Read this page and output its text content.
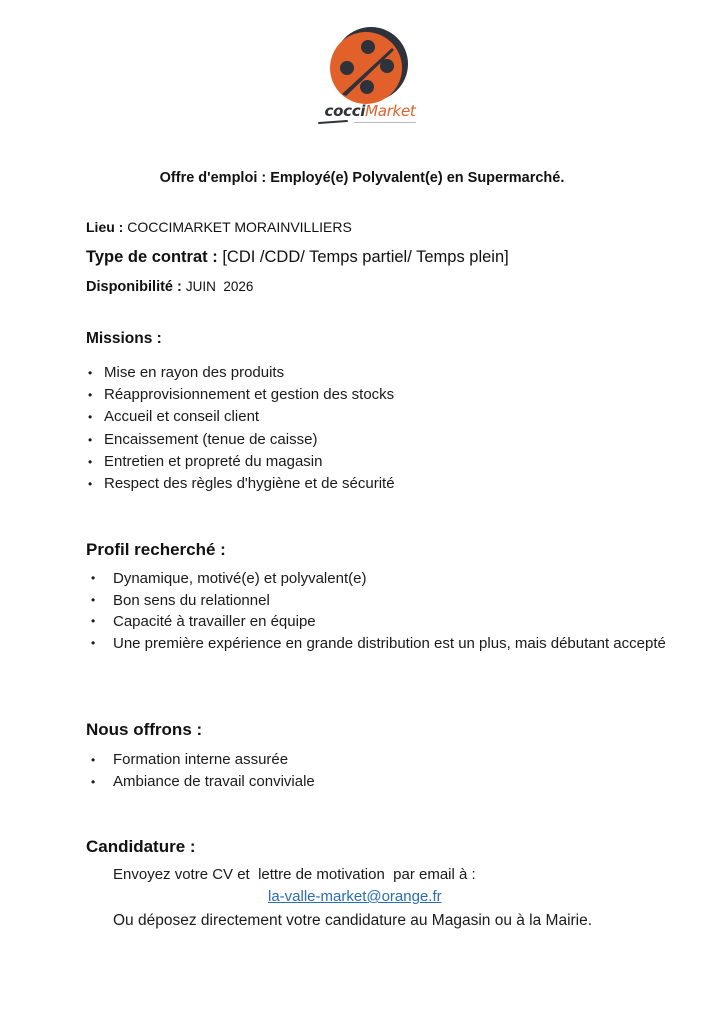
cocciMarket
Offre d'emploi : Employé(e) Polyvalent(e) en Supermarché.
Lieu : COCCIMARKET MORAINVILLIERS
Type de contrat : [CDI /CDD/ Temps partiel/ Temps plein]
Disponibilité : JUIN  2026
Missions :
• Mise en rayon des produits
• Réapprovisionnement et gestion des stocks
• Accueil et conseil client
• Encaissement (tenue de caisse)
• Entretien et propreté du magasin
• Respect des règles d'hygiène et de sécurité
Profil recherché :
• Dynamique, motivé(e) et polyvalent(e)
• Bon sens du relationnel
• Capacité à travailler en équipe
• Une première expérience en grande distribution est un plus, mais débutant accepté
Nous offrons :
• Formation interne assurée
• Ambiance de travail conviviale
Candidature :
Envoyez votre CV et  lettre de motivation  par email à :
la-valle-market@orange.fr
Ou déposez directement votre candidature au Magasin ou à la Mairie.
